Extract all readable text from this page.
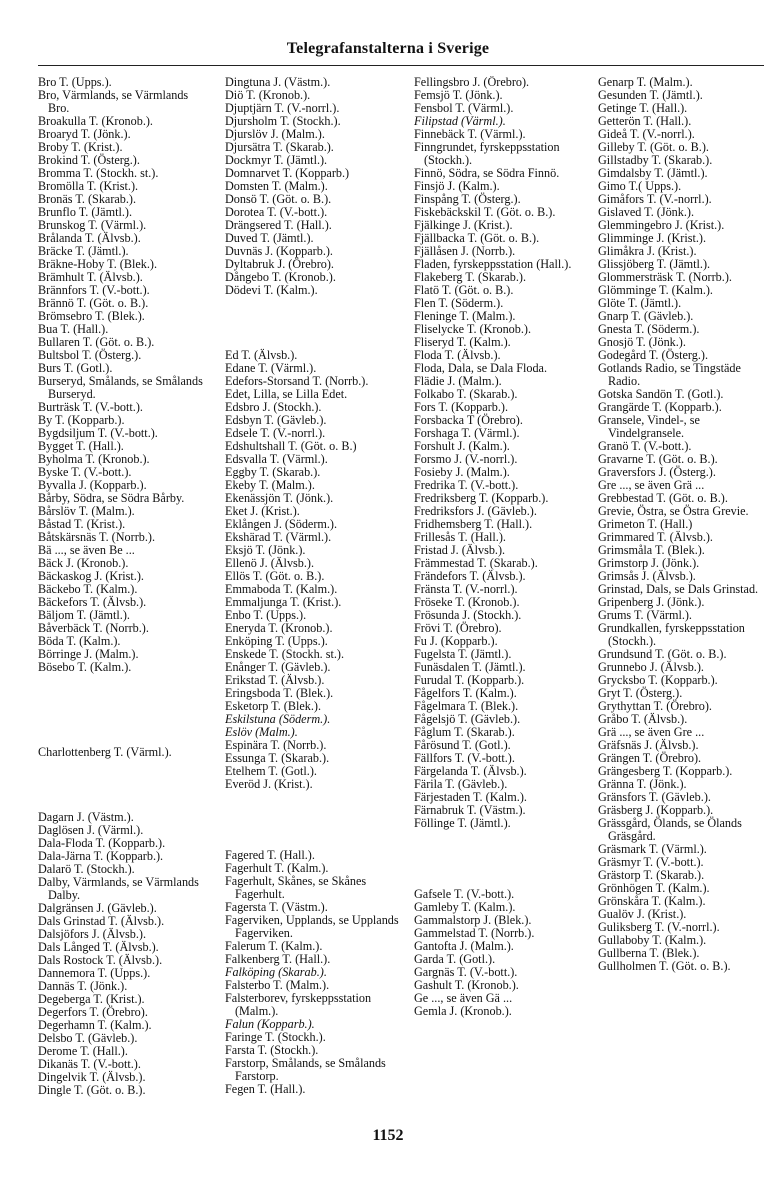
Telegrafanstalterna i Sverige
Bro T. (Upps.).
Bro, Värmlands, se Värmlands Bro.
Broakulla T. (Kronob.).
Broaryd T. (Jönk.).
Broby T. (Krist.).
Brokind T. (Österg.).
Bromma T. (Stockh. st.).
Bromölla T. (Krist.).
Bronäs T. (Skarab.).
Brunflo T. (Jämtl.).
Brunskog T. (Värml.).
Brålanda T. (Älvsb.).
Bräcke T. (Jämtl.).
Bräkne-Hoby T. (Blek.).
Brämhult T. (Älvsb.).
Brännfors T. (V.-bott.).
Brännö T. (Göt. o. B.).
Brömsebro T. (Blek.).
Bua T. (Hall.).
Bullaren T. (Göt. o. B.).
Bultsbol T. (Österg.).
Burs T. (Gotl.).
Burseryd, Smålands, se Smålands Burseryd.
Burträsk T. (V.-bott.).
By T. (Kopparb.).
Bygdsiljum T. (V.-bott.).
Bygget T. (Hall.).
Byholma T. (Kronob.).
Byske T. (V.-bott.).
Byvalla J. (Kopparb.).
Bårby, Södra, se Södra Bårby.
Bårslöv T. (Malm.).
Båstad T. (Krist.).
Båtskärsnäs T. (Norrb.).
Bä ..., se även Be ...
Bäck J. (Kronob.).
Bäckaskog J. (Krist.).
Bäckebo T. (Kalm.).
Bäckefors T. (Älvsb.).
Bäljom T. (Jämtl.).
Båverbäck T. (Norrb.).
Böda T. (Kalm.).
Börringe J. (Malm.).
Bösebo T. (Kalm.).
Charlottenberg T. (Värml.).
Dagarn J. (Västm.).
Daglösen J. (Värml.).
Dala-Floda T. (Kopparb.).
Dala-Järna T. (Kopparb.).
Dalarö T. (Stockh.).
Dalby, Värmlands, se Värmlands Dalby.
Dalgränsen J. (Gävleb.).
Dals Grinstad T. (Älvsb.).
Dalsjöfors J. (Älvsb.).
Dals Långed T. (Älvsb.).
Dals Rostock T. (Älvsb.).
Dannemora T. (Upps.).
Dannäs T. (Jönk.).
Degeberga T. (Krist.).
Degerfors T. (Örebro).
Degerhamn T. (Kalm.).
Delsbo T. (Gävleb.).
Derome T. (Hall.).
Dikanäs T. (V.-bott.).
Dingelvik T. (Älvsb.).
Dingle T. (Göt. o. B.).
Dingtuna J. (Västm.).
Diö T. (Kronob.).
Djuptjärn T. (V.-norrl.).
Djursholm T. (Stockh.).
Djurslöv J. (Malm.).
Djursätra T. (Skarab.).
Dockmyr T. (Jämtl.).
Domnarvet T. (Kopparb.)
Domsten T. (Malm.).
Donsö T. (Göt. o. B.).
Dorotea T. (V.-bott.).
Drängsered T. (Hall.).
Duved T. (Jämtl.).
Duvnäs J. (Kopparb.).
Dyltabruk J. (Örebro).
Dångebo T. (Kronob.).
Dödevi T. (Kalm.).
Ed T. (Älvsb.).
Edane T. (Värml.).
Edefors-Storsand T. (Norrb.).
Edet, Lilla, se Lilla Edet.
Edsbro J. (Stockh.).
Edsbyn T. (Gävleb.).
Edsele T. (V.-norrl.).
Edshultshall T. (Göt. o. B.)
Edsvalla T. (Värml.).
Eggby T. (Skarab.).
Ekeby T. (Malm.).
Ekenässjön T. (Jönk.).
Eket J. (Krist.).
Eklången J. (Söderm.).
Ekshärad T. (Värml.).
Eksjö T. (Jönk.).
Ellenö J. (Älvsb.).
Ellös T. (Göt. o. B.).
Emmaboda T. (Kalm.).
Emmaljunga T. (Krist.).
Enbo T. (Upps.).
Eneryda T. (Kronob.).
Enköping T. (Upps.).
Enskede T. (Stockh. st.).
Enånger T. (Gävleb.).
Erikstad T. (Älvsb.).
Eringsboda T. (Blek.).
Esketorp T. (Blek.).
Eskilstuna (Söderm.).
Eslöv (Malm.).
Espinära T. (Norrb.).
Essunga T. (Skarab.).
Etelhem T. (Gotl.).
Everöd J. (Krist.).
Fagered T. (Hall.).
Fagerhult T. (Kalm.).
Fagerhult, Skånes, se Skånes Fagerhult.
Fagersta T. (Västm.).
Fagerviken, Upplands, se Upplands Fagerviken.
Falerum T. (Kalm.).
Falkenberg T. (Hall.).
Falköping (Skarab.).
Falsterbo T. (Malm.).
Falsterborev, fyrskeppsstation (Malm.).
Falun (Kopparb.).
Faringe T. (Stockh.).
Farsta T. (Stockh.).
Farstorp, Smålands, se Smålands Farstorp.
Fegen T. (Hall.).
Fellingsbro J. (Örebro).
Femsjö T. (Jönk.).
Fensbol T. (Värml.).
Filipstad (Värml.).
Finnebäck T. (Värml.).
Finngrundet, fyrskeppsstation (Stockh.).
Finnö, Södra, se Södra Finnö.
Finsjö J. (Kalm.).
Finspång T. (Österg.).
Fiskebäckskil T. (Göt. o. B.).
Fjälkinge J. (Krist.).
Fjällbacka T. (Göt. o. B.).
Fjällåsen J. (Norrb.).
Fladen, fyrskeppsstation (Hall.).
Flakeberg T. (Skarab.).
Flatö T. (Göt. o. B.).
Flen T. (Söderm.).
Fleninge T. (Malm.).
Fliselycke T. (Kronob.).
Fliseryd T. (Kalm.).
Floda T. (Älvsb.).
Floda, Dala, se Dala Floda.
Flädie J. (Malm.).
Folkabo T. (Skarab.).
Fors T. (Kopparb.).
Forsbacka T (Örebro).
Forshaga T. (Värml.).
Forshult J. (Kalm.).
Forsmo J. (V.-norrl.).
Fosieby J. (Malm.).
Fredrika T. (V.-bott.).
Fredriksberg T. (Kopparb.).
Fredriksfors J. (Gävleb.).
Fridhemsberg T. (Hall.).
Frillesås T. (Hall.).
Fristad J. (Älvsb.).
Främmestad T. (Skarab.).
Frändefors T. (Älvsb.).
Fränsta T. (V.-norrl.).
Fröseke T. (Kronob.).
Frösunda J. (Stockh.).
Frövi T. (Örebro).
Fu J. (Kopparb.).
Fugelsta T. (Jämtl.).
Funäsdalen T. (Jämtl.).
Furudal T. (Kopparb.).
Fågelfors T. (Kalm.).
Fågelmara T. (Blek.).
Fågelsjö T. (Gävleb.).
Fåglum T. (Skarab.).
Fårösund T. (Gotl.).
Fällfors T. (V.-bott.).
Färgelanda T. (Älvsb.).
Färila T. (Gävleb.).
Färjestaden T. (Kalm.).
Färnabruk T. (Västm.).
Föllinge T. (Jämtl.).
Gafsele T. (V.-bott.).
Gamleby T. (Kalm.).
Gammalstorp J. (Blek.).
Gammelstad T. (Norrb.).
Gantofta J. (Malm.).
Garda T. (Gotl.).
Gargnäs T. (V.-bott.).
Gashult T. (Kronob.).
Ge ..., se även Gä ...
Gemla J. (Kronob.).
Genarp T. (Malm.).
Gesunden T. (Jämtl.).
Getinge T. (Hall.).
Getterön T. (Hall.).
Gideå T. (V.-norrl.).
Gilleby T. (Göt. o. B.).
Gillstadby T. (Skarab.).
Gimdalsby T. (Jämtl.).
Gimo T.( Upps.).
Gimåfors T. (V.-norrl.).
Gislaved T. (Jönk.).
Glemmingebro J. (Krist.).
Glimminge J. (Krist.).
Glimåkra J. (Krist.).
Glissjöberg T. (Jämtl.).
Glommersträsk T. (Norrb.).
Glömminge T. (Kalm.).
Glöte T. (Jämtl.).
Gnarp T. (Gävleb.).
Gnesta T. (Söderm.).
Gnosjö T. (Jönk.).
Godegård T. (Österg.).
Gotlands Radio, se Tingstäde Radio.
Gotska Sandön T. (Gotl.).
Grangärde T. (Kopparb.).
Gransele, Vindel-, se Vindelgransele.
Granö T. (V.-bott.).
Gravarne T. (Göt. o. B.).
Graversfors J. (Österg.).
Gre ..., se även Grä ...
Grebbestad T. (Göt. o. B.).
Grevie, Östra, se Östra Grevie.
Grimeton T. (Hall.)
Grimmared T. (Älvsb.).
Grimsmåla T. (Blek.).
Grimstorp J. (Jönk.).
Grimsås J. (Älvsb.).
Grinstad, Dals, se Dals Grinstad.
Gripenberg J. (Jönk.).
Grums T. (Värml.).
Grundkallen, fyrskeppsstation (Stockh.).
Grundsund T. (Göt. o. B.).
Grunnebo J. (Älvsb.).
Grycksbo T. (Kopparb.).
Gryt T. (Österg.).
Grythyttan T. (Örebro).
Gråbo T. (Älvsb.).
Grä ..., se även Gre ...
Gräfsnäs J. (Älvsb.).
Grängen T. (Örebro).
Grängesberg T. (Kopparb.).
Gränna T. (Jönk.).
Gränsfors T. (Gävleb.).
Gräsberg J. (Kopparb.).
Grässgård, Ölands, se Ölands Gräsgård.
Gräsmark T. (Värml.).
Gräsmyr T. (V.-bott.).
Grästorp T. (Skarab.).
Grönhögen T. (Kalm.).
Grönskåra T. (Kalm.).
Gualöv J. (Krist.).
Guliksberg T. (V.-norrl.).
Gullaboby T. (Kalm.).
Gullberna T. (Blek.).
Gullholmen T. (Göt. o. B.).
1152
